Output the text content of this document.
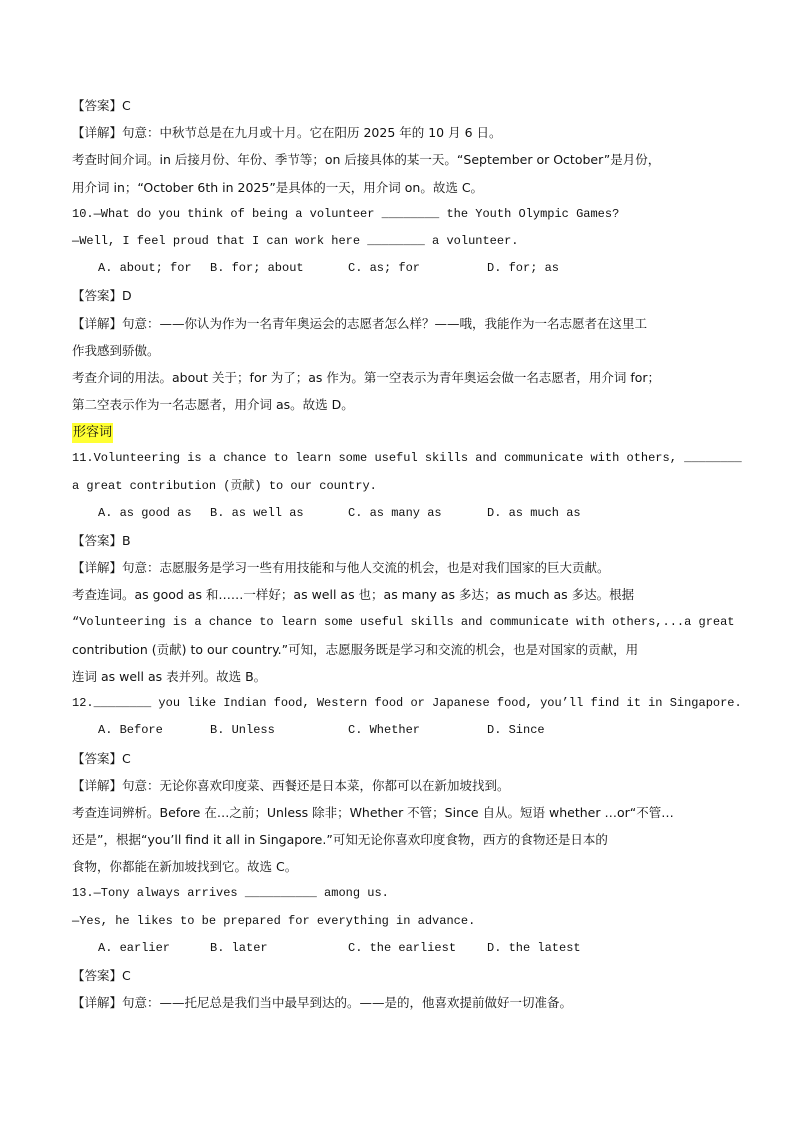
【答案】C
【详解】句意：中秋节总是在九月或十月。它在阳历 2025 年的 10 月 6 日。
考查时间介词。in 后接月份、年份、季节等；on 后接具体的某一天。“September or October”是月份，
用介词 in；“October 6th in 2025”是具体的一天，用介词 on。故选 C。
10.—What do you think of being a volunteer ________ the Youth Olympic Games?
—Well, I feel proud that I can work here ________ a volunteer.
A. about; for B. for; about	C. as; for	D. for; as
【答案】D
【详解】句意：——你认为作为一名青年奥运会的志愿者怎么样？——哦，我能作为一名志愿者在这里工
作我感到骄傲。
考查介词的用法。about 关于；for 为了；as 作为。第一空表示为青年奥运会做一名志愿者，用介词 for；
第二空表示作为一名志愿者，用介词 as。故选 D。
形容词
11.Volunteering is a chance to learn some useful skills and communicate with others, ________
a great contribution (贡献) to our country.
A. as good as B. as well as	C. as many as	D. as much as
【答案】B
【详解】句意：志愿服务是学习一些有用技能和与他人交流的机会，也是对我们国家的巨大贡献。
考查连词。as good as 和……一样好；as well as 也；as many as 多达；as much as 多达。根据
“Volunteering is a chance to learn some useful skills and communicate with others,...a great
contribution (贡献) to our country.”可知，志愿服务既是学习和交流的机会，也是对国家的贡献，用
连词 as well as 表并列。故选 B。
12.________ you like Indian food, Western food or Japanese food, you’ll find it in Singapore.
A. Before	B. Unless	C. Whether	D. Since
【答案】C
【详解】句意：无论你喜欢印度菜、西餐还是日本菜，你都可以在新加坡找到。
考查连词辨析。Before 在…之前；Unless 除非；Whether 不管；Since 自从。短语 whether …or“不管…
还是”，根据“you’ll find it all in Singapore.”可知无论你喜欢印度食物，西方的食物还是日本的
食物，你都能在新加坡找到它。故选 C。
13.—Tony always arrives __________ among us.
—Yes, he likes to be prepared for everything in advance.
A. earlier	B. later	C. the earliest	D. the latest
【答案】C
【详解】句意：——托尼总是我们当中最早到达的。——是的，他喜欢提前做好一切准备。
